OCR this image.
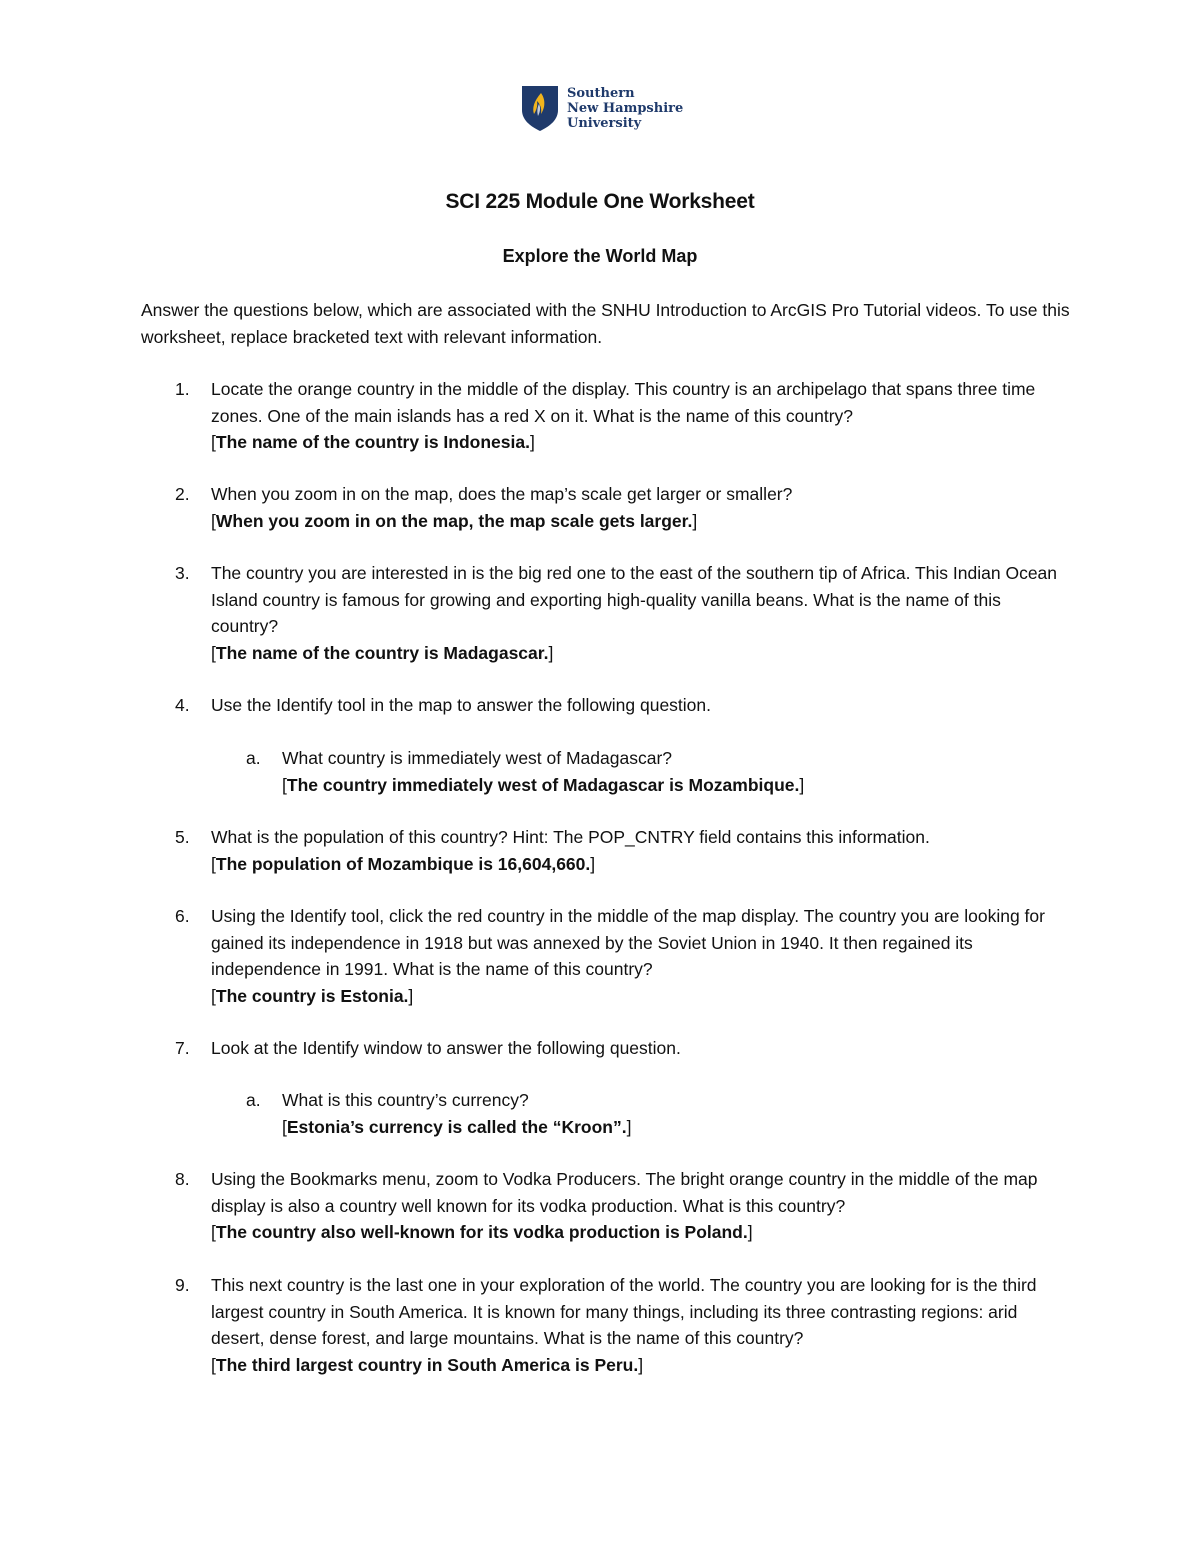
Southern
New Hampshire
University
SCI 225 Module One Worksheet
Explore the World Map
Answer the questions below, which are associated with the SNHU Introduction to ArcGIS Pro Tutorial videos. To use this worksheet, replace bracketed text with relevant information.
1.	Locate the orange country in the middle of the display. This country is an archipelago that spans three time zones. One of the main islands has a red X on it. What is the name of this country?
[The name of the country is Indonesia.]
2.	When you zoom in on the map, does the map’s scale get larger or smaller?
[When you zoom in on the map, the map scale gets larger.]
3.	The country you are interested in is the big red one to the east of the southern tip of Africa. This Indian Ocean Island country is famous for growing and exporting high-quality vanilla beans. What is the name of this country?
[The name of the country is Madagascar.]
4.	Use the Identify tool in the map to answer the following question.
a.	What country is immediately west of Madagascar?
[The country immediately west of Madagascar is Mozambique.]
5.	What is the population of this country? Hint: The POP_CNTRY field contains this information.
[The population of Mozambique is 16,604,660.]
6.	Using the Identify tool, click the red country in the middle of the map display. The country you are looking for gained its independence in 1918 but was annexed by the Soviet Union in 1940. It then regained its independence in 1991. What is the name of this country?
[The country is Estonia.]
7.	Look at the Identify window to answer the following question.
a.	What is this country’s currency?
[Estonia’s currency is called the “Kroon”.]
8.	Using the Bookmarks menu, zoom to Vodka Producers. The bright orange country in the middle of the map display is also a country well known for its vodka production. What is this country?
[The country also well-known for its vodka production is Poland.]
9.	This next country is the last one in your exploration of the world. The country you are looking for is the third largest country in South America. It is known for many things, including its three contrasting regions: arid desert, dense forest, and large mountains. What is the name of this country?
[The third largest country in South America is Peru.]
